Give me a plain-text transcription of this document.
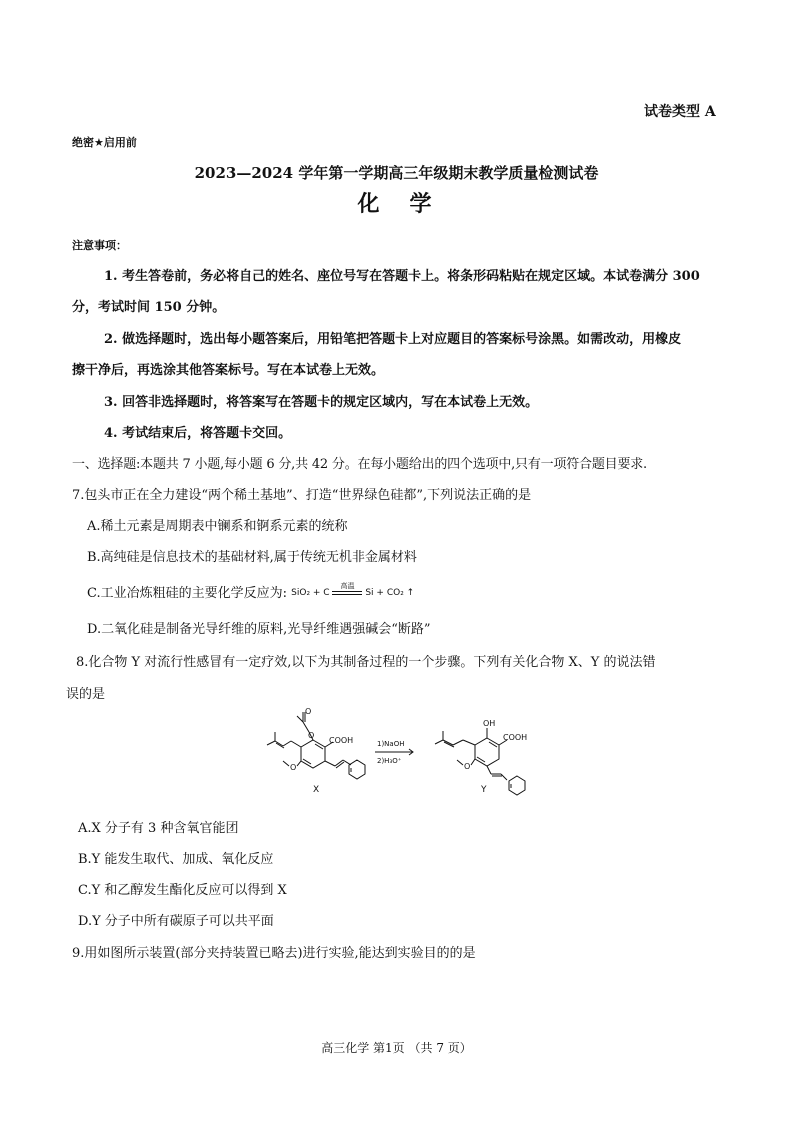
试卷类型 A
绝密★启用前
2023—2024 学年第一学期高三年级期末教学质量检测试卷
化　学
注意事项：
1. 考生答卷前，务必将自己的姓名、座位号写在答题卡上。将条形码粘贴在规定区域。本试卷满分 300
分，考试时间 150 分钟。
2. 做选择题时，选出每小题答案后，用铅笔把答题卡上对应题目的答案标号涂黑。如需改动，用橡皮
擦干净后，再选涂其他答案标号。写在本试卷上无效。
3. 回答非选择题时，将答案写在答题卡的规定区域内，写在本试卷上无效。
4. 考试结束后，将答题卡交回。
一、选择题:本题共 7 小题,每小题 6 分,共 42 分。在每小题给出的四个选项中,只有一项符合题目要求.
7.包头市正在全力建设“两个稀土基地”、打造“世界绿色硅都”,下列说法正确的是
A.稀土元素是周期表中镧系和锕系元素的统称
B.高纯硅是信息技术的基础材料,属于传统无机非金属材料
C.工业冶炼粗硅的主要化学反应为: SiO₂ + C
高温
Si + CO₂ ↑
D.二氧化硅是制备光导纤维的原料,光导纤维遇强碱会“断路”
8.化合物 Y 对流行性感冒有一定疗效,以下为其制备过程的一个步骤。下列有关化合物 X、Y 的说法错
误的是
O
O
COOH
O
X
1)NaOH
2)H₃O⁺
OH
COOH
O
Y
A.X 分子有 3 种含氧官能团
B.Y 能发生取代、加成、氧化反应
C.Y 和乙醇发生酯化反应可以得到 X
D.Y 分子中所有碳原子可以共平面
9.用如图所示装置(部分夹持装置已略去)进行实验,能达到实验目的的是
高三化学 第1页 （共 7 页）
